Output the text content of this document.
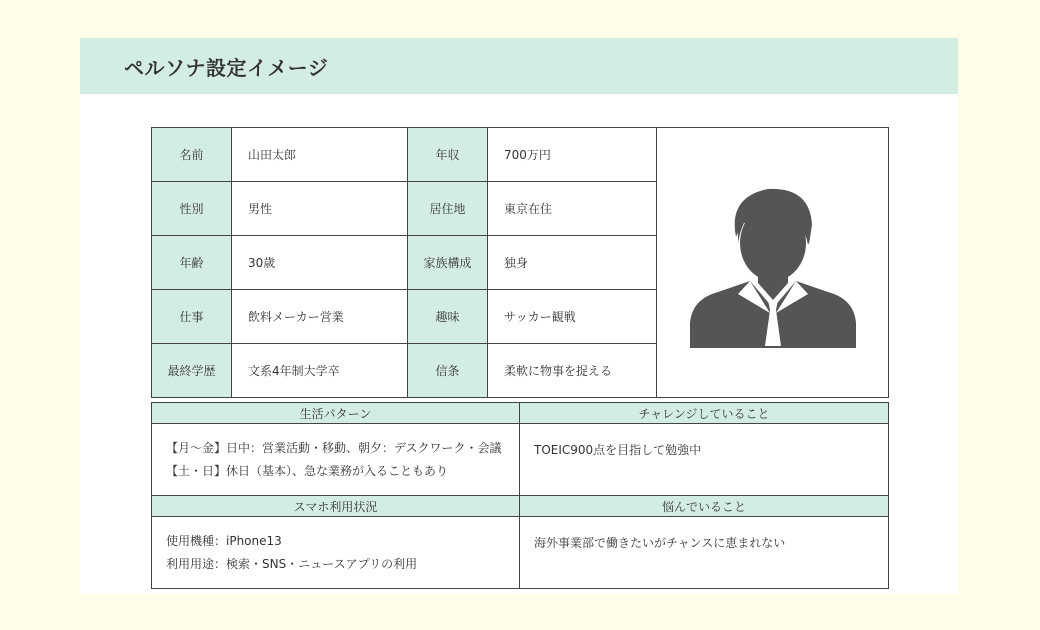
ペルソナ設定イメージ
名前	山田太郎	年収	700万円	
性別	男性	居住地	東京在住	
年齢	30歳	家族構成	独身	
仕事	飲料メーカー営業	趣味	サッカー観戦	
最終学歴	文系4年制大学卒	信条	柔軟に物事を捉える	
生活パターン	チャレンジしていること

【月～金】日中：営業活動・移動、朝夕：デスクワーク・会議
【土・日】休日（基本）、急な業務が入ることもあり	TOEIC900点を目指して勉強中

スマホ利用状況	悩んでいること

使用機種：iPhone13
利用用途：検索・SNS・ニュースアプリの利用	海外事業部で働きたいがチャンスに恵まれない
